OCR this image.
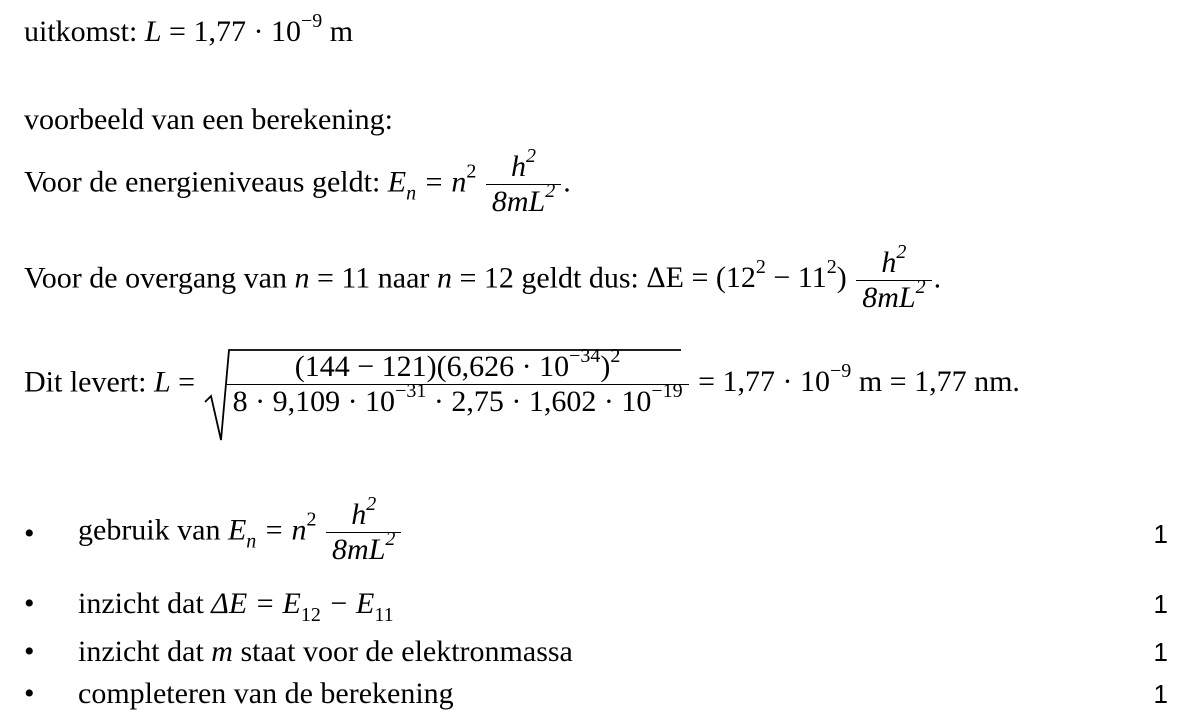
uitkomst: $L = 1,77 \cdot 10^{-9}$ m
voorbeeld van een berekening:
Voor de energieniveaus geldt: $E_n = n^2 \frac{h^2}{8mL^2}$ .
Voor de overgang van n = 11 naar n = 12 geldt dus: $\Delta E = (12^2 - 11^2) \frac{h^2}{8mL^2}$ .
Dit levert: $L = \frac{(144 - 121)(6,626 \cdot 10^{-34})^2}{8 \cdot 9,109 \cdot 10^{-31} \cdot 2,75 \cdot 1,602 \cdot 10^{-19}} = 1,77 \cdot 10^{-9}$ m = 1,77 nm.
• gebruik van $E_n = n^2 \frac{h^2}{8mL^2}$	1
• inzicht dat $\Delta E = E_{12} - E_{11}$	1
• inzicht dat m staat voor de elektronmassa	1
• completeren van de berekening	1
